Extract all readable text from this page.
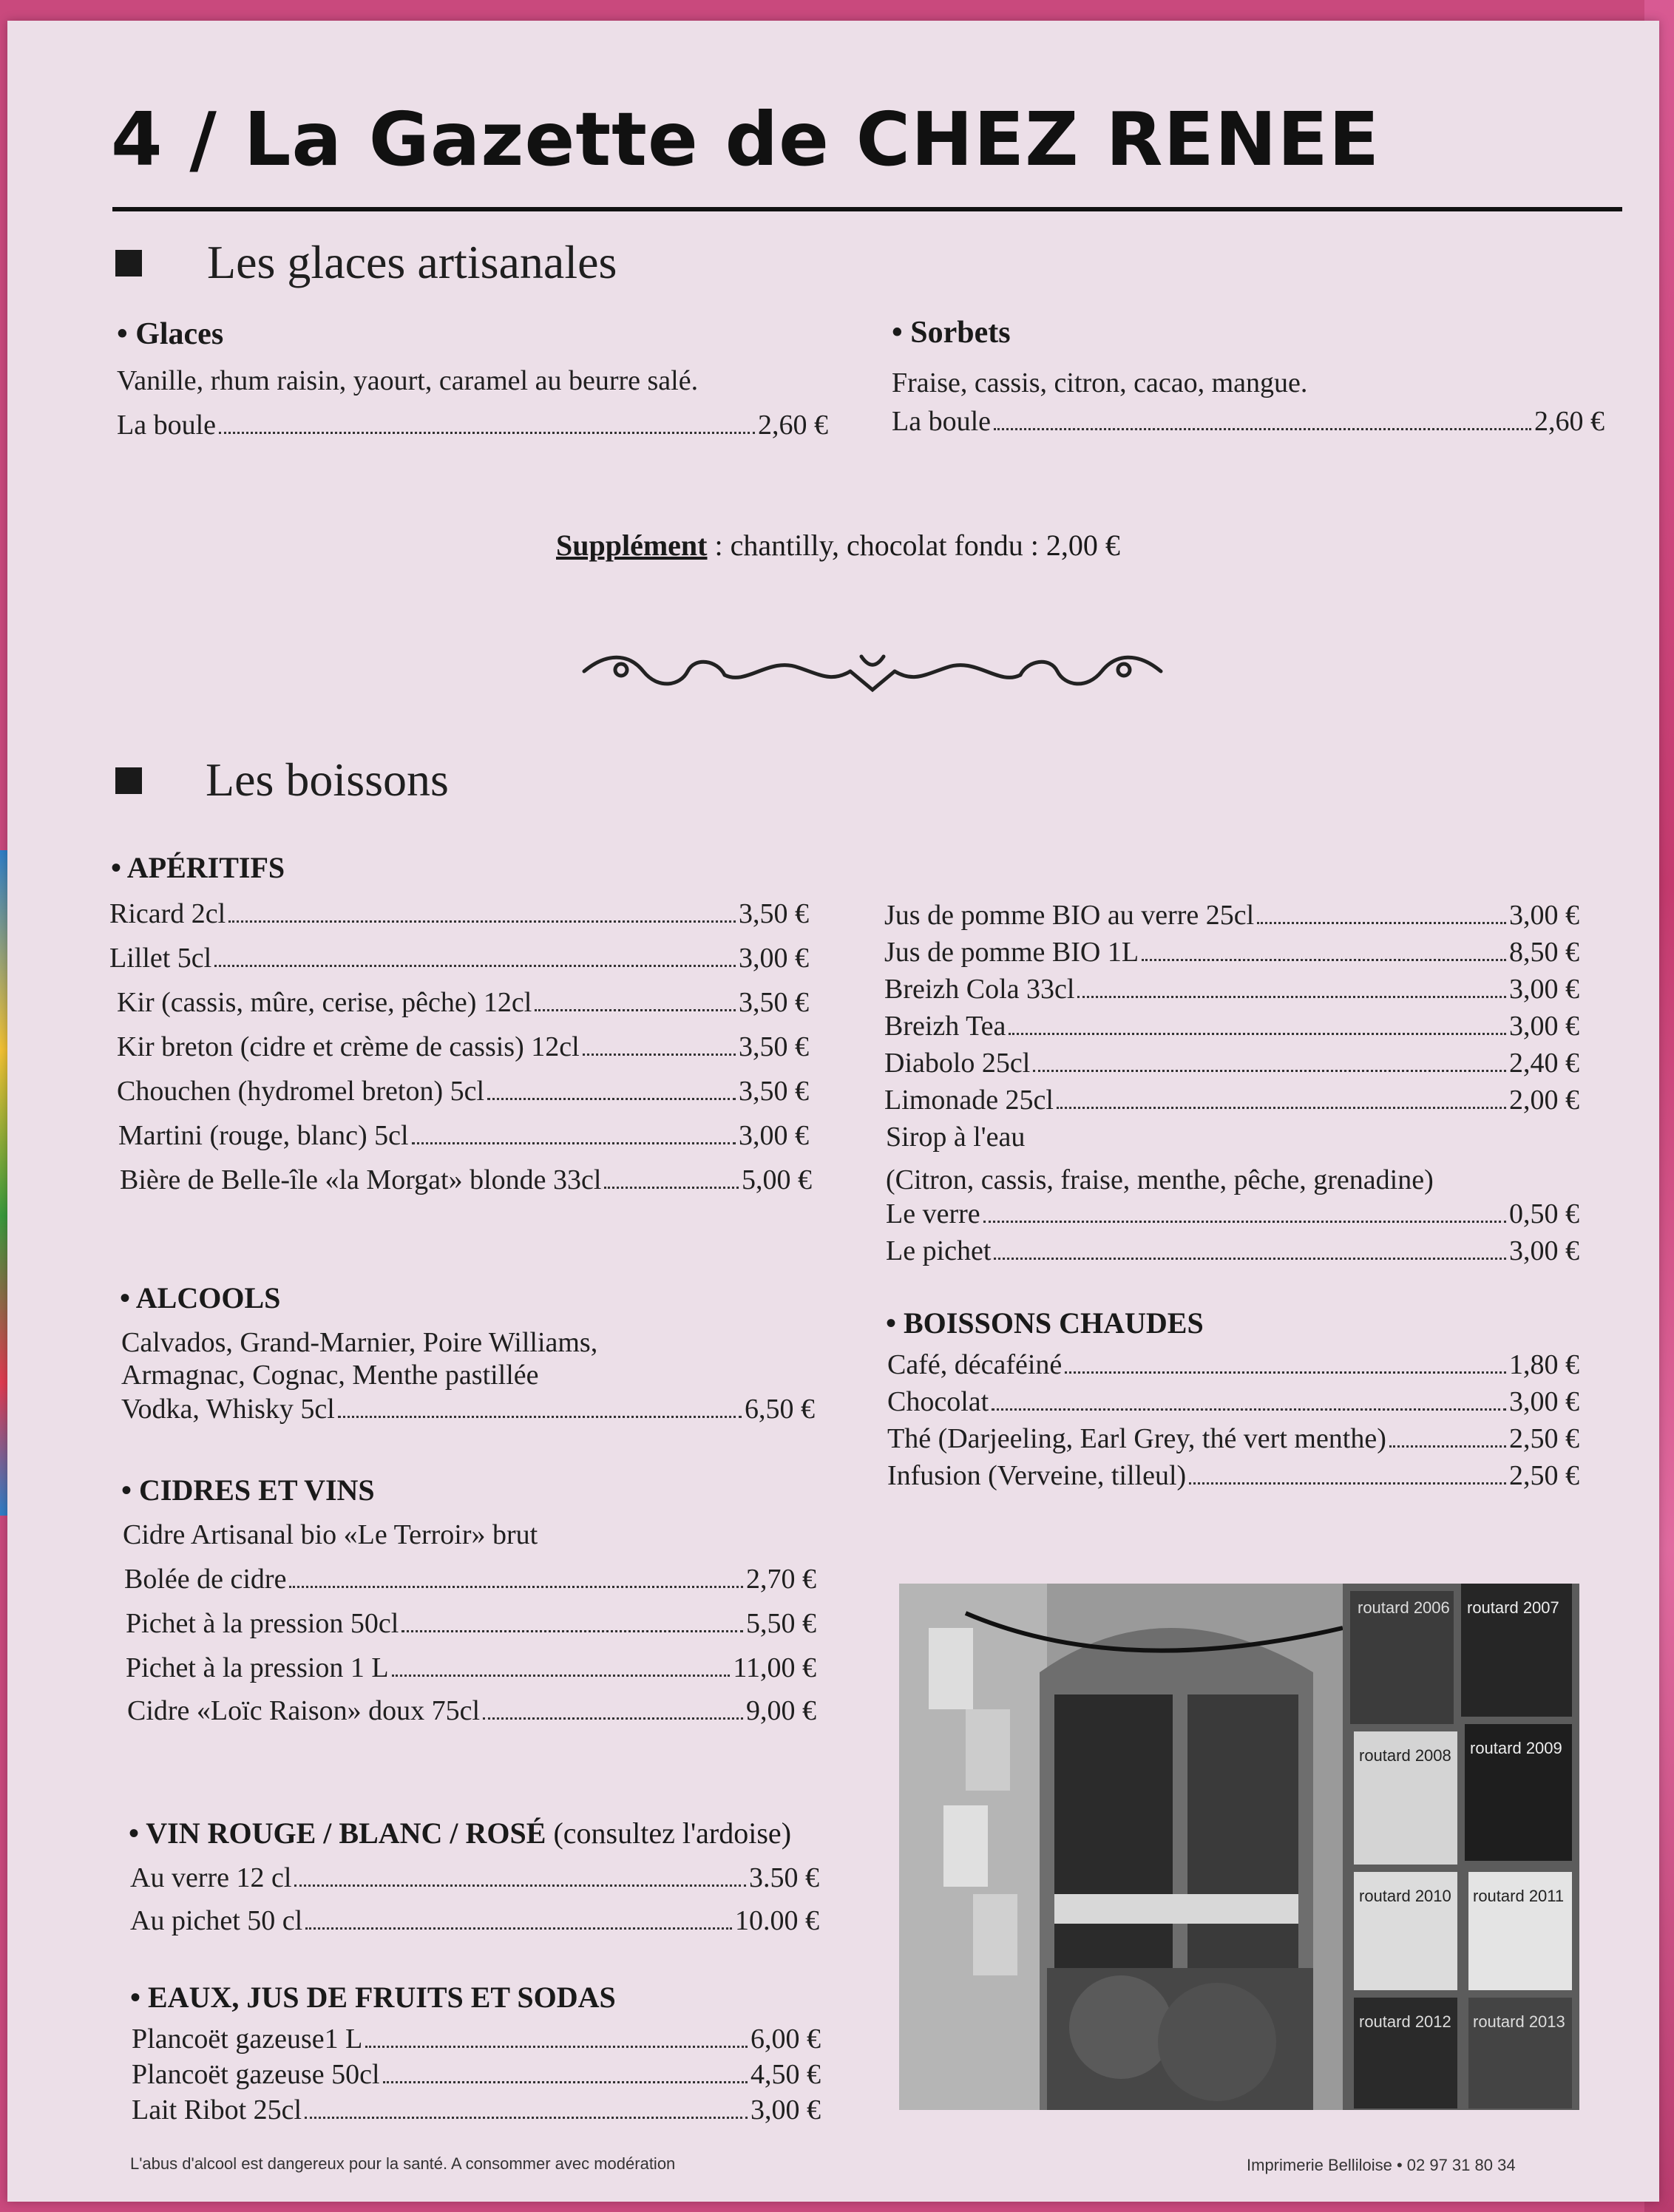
4 / La Gazette de CHEZ RENEE
Les glaces artisanales
• Glaces
Vanille, rhum raisin, yaourt, caramel au beurre salé.
La boule	2,60 €
• Sorbets
Fraise, cassis, citron, cacao, mangue.
La boule	2,60 €
Supplément : chantilly, chocolat fondu : 2,00 €
Les boissons
• APÉRITIFS
Ricard 2cl	3,50 €
Lillet 5cl	3,00 €
Kir (cassis, mûre, cerise, pêche) 12cl	3,50 €
Kir breton (cidre et crème de cassis) 12cl	3,50 €
Chouchen (hydromel breton) 5cl	3,50 €
Martini (rouge, blanc) 5cl	3,00 €
Bière de Belle-île «la Morgat» blonde 33cl	5,00 €
• ALCOOLS
Calvados, Grand-Marnier, Poire Williams,
Armagnac, Cognac, Menthe pastillée
Vodka, Whisky 5cl	6,50 €
• CIDRES ET VINS
Cidre Artisanal bio «Le Terroir» brut
Bolée de cidre	2,70 €
Pichet à la pression 50cl	5,50 €
Pichet à la pression 1 L	11,00 €
Cidre «Loïc Raison» doux 75cl	9,00 €
• VIN ROUGE / BLANC / ROSÉ (consultez l'ardoise)
Au verre 12 cl	3.50 €
Au pichet 50 cl	10.00 €
• EAUX, JUS DE FRUITS ET SODAS
Plancoët gazeuse1 L	6,00 €
Plancoët gazeuse 50cl	4,50 €
Lait Ribot 25cl	3,00 €
Jus de pomme BIO au verre 25cl	3,00 €
Jus de pomme BIO 1L	8,50 €
Breizh Cola 33cl	3,00 €
Breizh Tea	3,00 €
Diabolo 25cl	2,40 €
Limonade 25cl	2,00 €
Sirop à l'eau
(Citron, cassis, fraise, menthe, pêche, grenadine)
Le verre	0,50 €
Le pichet	3,00 €
• BOISSONS CHAUDES
Café, décaféiné	1,80 €
Chocolat	3,00 €
Thé (Darjeeling, Earl Grey, thé vert menthe)	2,50 €
Infusion (Verveine, tilleul)	2,50 €
routard 2006 routard 2007
routard 2008 routard 2009
routard 2010 routard 2011
routard 2012 routard 2013
L'abus d'alcool est dangereux pour la santé. A consommer avec modération	Imprimerie Belliloise • 02 97 31 80 34
